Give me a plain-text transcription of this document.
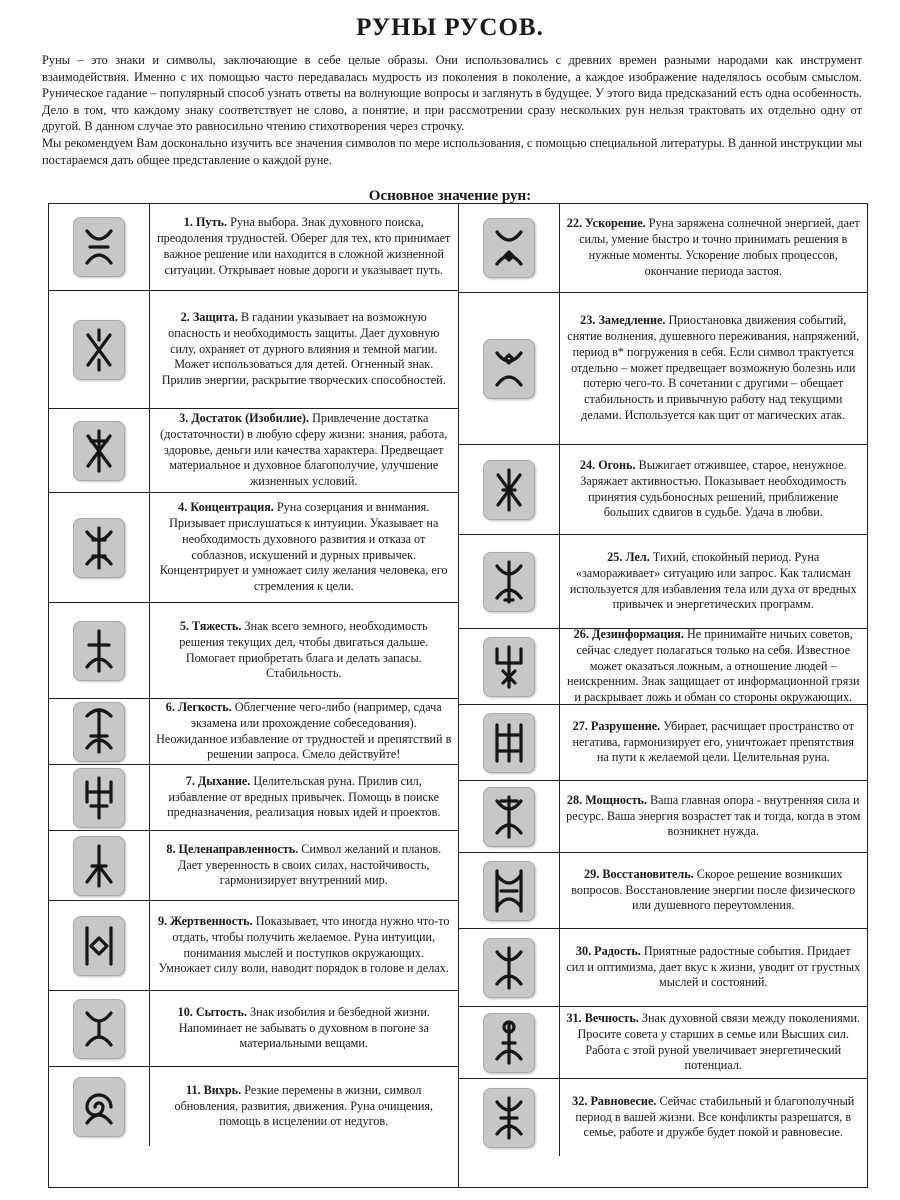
РУНЫ РУСОВ.

Руны – это знаки и символы, заключающие в себе целые образы. Они использовались с древних времен разными народами как инструмент взаимодействия. Именно с их помощью часто передавалась мудрость из поколения в поколение, а каждое изображение наделялось особым смыслом. Руническое гадание – популярный способ узнать ответы на волнующие вопросы и заглянуть в будущее. У этого вида предсказаний есть одна особенность. Дело в том, что каждому знаку соответствует не слово, а понятие, и при рассмотрении сразу нескольких рун нельзя трактовать их отдельно одну от другой. В данном случае это равносильно чтению стихотворения через строчку.

Мы рекомендуем Вам досконально изучить все значения символов по мере использования, с помощью специальной литературы. В данной инструкции мы постараемся дать общее представление о каждой руне.

Основное значение рун:
1. Путь. Руна выбора. Знак духовного поиска, преодоления трудностей. Оберег для тех, кто принимает важное решение или находится в сложной жизненной ситуации. Открывает новые дороги и указывает путь.
2. Защита. В гадании указывает на возможную опасность и необходимость защиты. Дает духовную силу, охраняет от дурного влияния и темной магии. Может использоваться для детей. Огненный знак. Прилив энергии, раскрытие творческих способностей.
3. Достаток (Изобилие). Привлечение достатка (достаточности) в любую сферу жизни: знания, работа, здоровье, деньги или качества характера. Предвещает материальное и духовное благополучие, улучшение жизненных условий.
4. Концентрация. Руна созерцания и внимания. Призывает прислушаться к интуиции. Указывает на необходимость духовного развития и отказа от соблазнов, искушений и дурных привычек. Концентрирует и умножает силу желания человека, его стремления к цели.
5. Тяжесть. Знак всего земного, необходимость решения текущих дел, чтобы двигаться дальше. Помогает приобретать блага и делать запасы. Стабильность.
6. Легкость. Облегчение чего-либо (например, сдача экзамена или прохождение собеседования). Неожиданное избавление от трудностей и препятствий в решении запроса. Смело действуйте!
7. Дыхание. Целительская руна. Прилив сил, избавление от вредных привычек. Помощь в поиске предназначения, реализация новых идей и проектов.
8. Целенаправленность. Символ желаний и планов. Дает уверенность в своих силах, настойчивость, гармонизирует внутренний мир.
9. Жертвенность. Показывает, что иногда нужно что-то отдать, чтобы получить желаемое. Руна интуиции, понимания мыслей и поступков окружающих. Умножает силу воли, наводит порядок в голове и делах.
10. Сытость. Знак изобилия и безбедной жизни. Напоминает не забывать о духовном в погоне за материальными вещами.
11. Вихрь. Резкие перемены в жизни, символ обновления, развития, движения. Руна очищения, помощь в исцелении от недугов.
22. Ускорение. Руна заряжена солнечной энергией, дает силы, умение быстро и точно принимать решения в нужные моменты. Ускорение любых процессов, окончание периода застоя.
23. Замедление. Приостановка движения событий, снятие волнения, душевного переживания, напряжений, период в* погружения в себя. Если символ трактуется отдельно – может предвещает возможную болезнь или потерю чего-то. В сочетании с другими – обещает стабильность и привычную работу над текущими делами. Используется как щит от магических атак.
24. Огонь. Выжигает отжившее, старое, ненужное. Заряжает активностью. Показывает необходимость принятия судьбоносных решений, приближение больших сдвигов в судьбе. Удача в любви.
25. Лел. Тихий, спокойный период. Руна «замораживает» ситуацию или запрос. Как талисман используется для избавления тела или духа от вредных привычек и энергетических программ.
26. Дезинформация. Не принимайте ничьих советов, сейчас следует полагаться только на себя. Известное может оказаться ложным, а отношение людей – неискренним. Знак защищает от информационной грязи и раскрывает ложь и обман со стороны окружающих.
27. Разрушение. Убирает, расчищает пространство от негатива, гармонизирует его, уничтожает препятствия на пути к желаемой цели. Целительная руна.
28. Мощность. Ваша главная опора - внутренняя сила и ресурс. Ваша энергия возрастет так и тогда, когда в этом возникнет нужда.
29. Восстановитель. Скорое решение возникших вопросов. Восстановление энергии после физического или душевного переутомления.
30. Радость. Приятные радостные события. Придает сил и оптимизма, дает вкус к жизни, уводит от грустных мыслей и состояний.
31. Вечность. Знак духовной связи между поколениями. Просите совета у старших в семье или Высших сил. Работа с этой руной увеличивает энергетический потенциал.
32. Равновесие. Сейчас стабильный и благополучный период в вашей жизни. Все конфликты разрешатся, в семье, работе и дружбе будет покой и равновесие.
